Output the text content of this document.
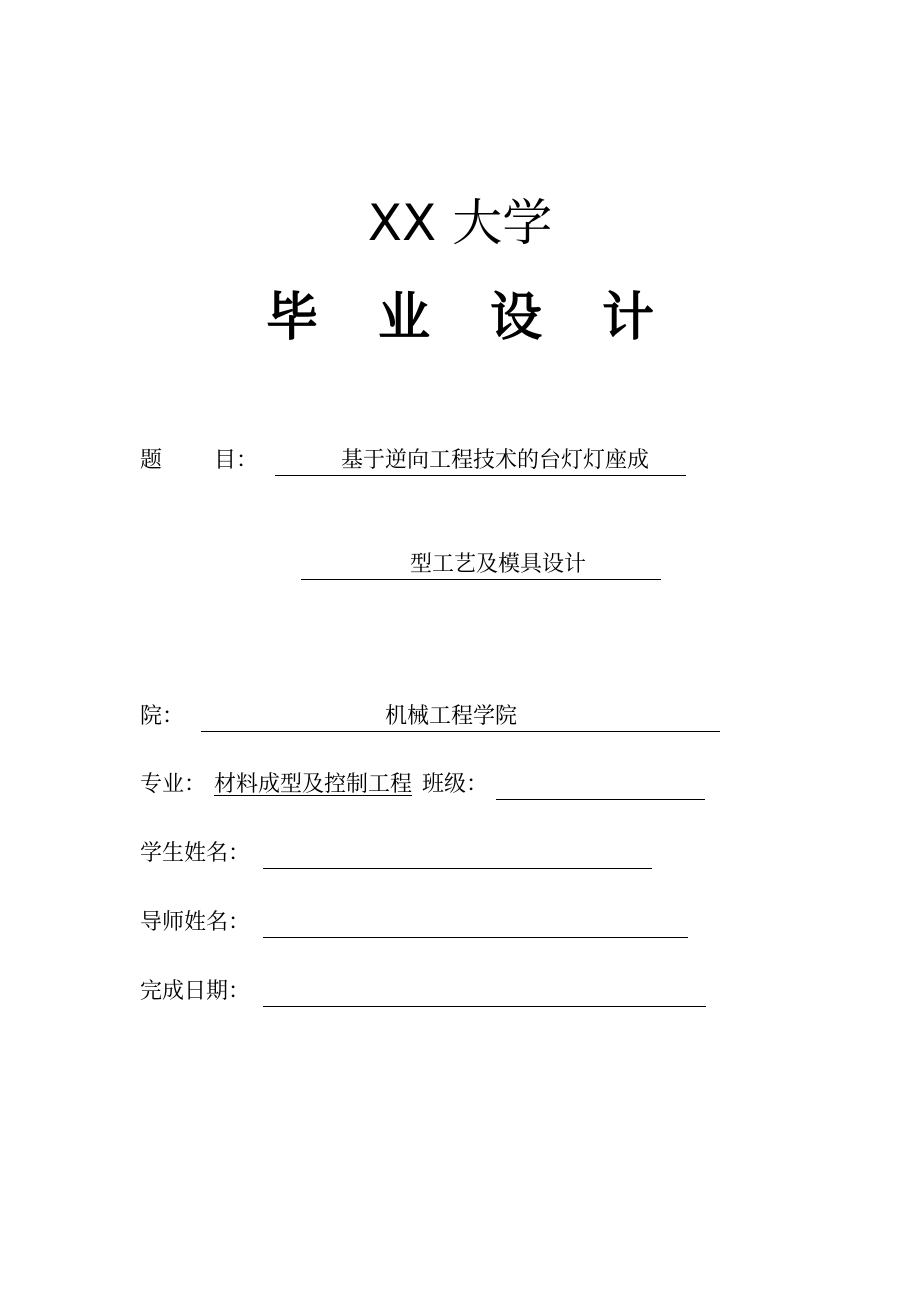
XX 大学
毕 业 设 计
题 目：	基于逆向工程技术的台灯灯座成
型工艺及模具设计
院：	机械工程学院
专业： 材料成型及控制工程 班级：
学生姓名：
导师姓名：
完成日期：
